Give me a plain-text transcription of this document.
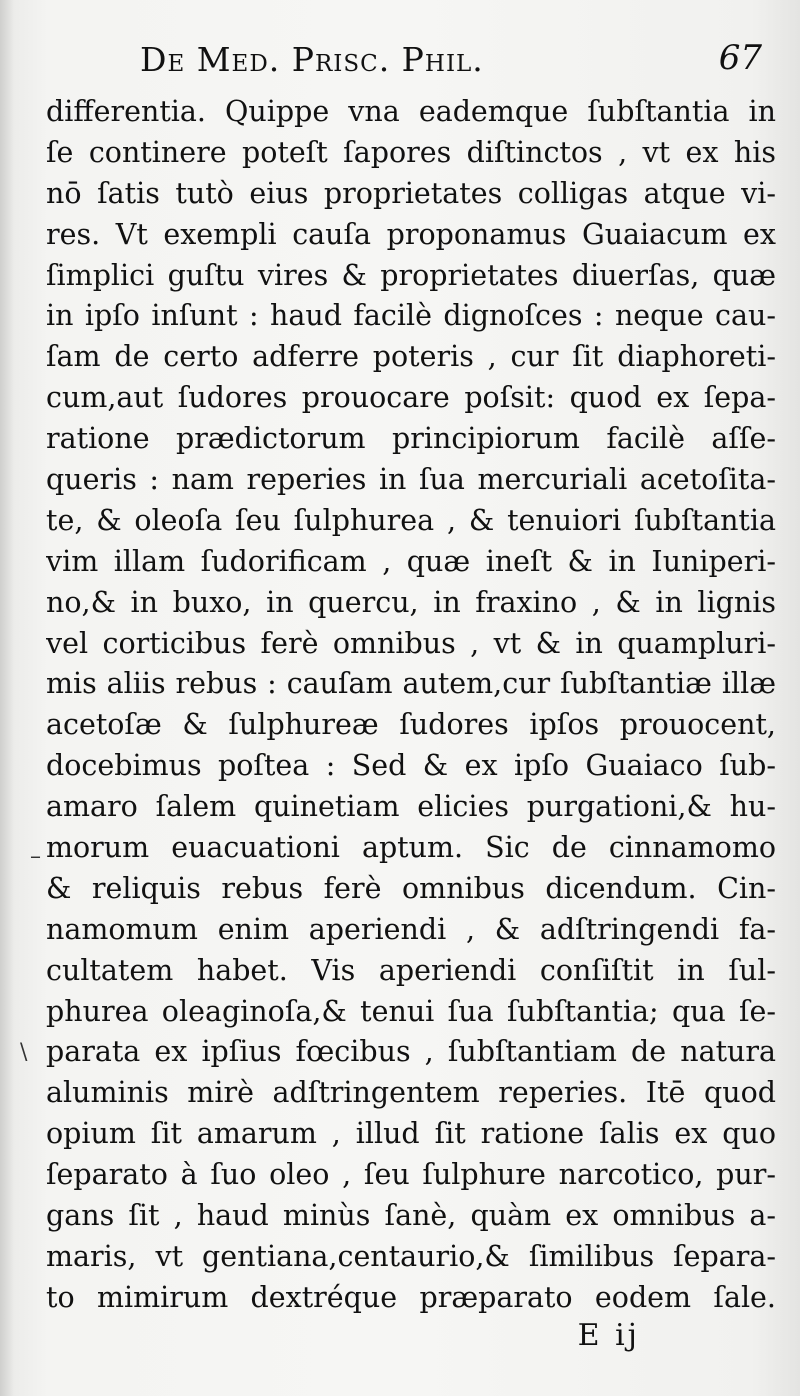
De Med. Prisc. Phil.	67
differentia. Quippe vna eademque ſubſtantia in
ſe continere poteſt ſapores diſtinctos , vt ex his
nō ſatis tutò eius proprietates colligas atque vi-
res. Vt exempli cauſa proponamus Guaiacum ex
ſimplici guſtu vires & proprietates diuerſas, quæ
in ipſo inſunt : haud facilè dignoſces : neque cau-
ſam de certo adferre poteris , cur ſit diaphoreti-
cum,aut ſudores prouocare poſsit: quod ex ſepa-
ratione prædictorum principiorum facilè aſſe-
queris : nam reperies in ſua mercuriali acetoſita-
te, & oleoſa ſeu ſulphurea , & tenuiori ſubſtantia
vim illam ſudorificam , quæ ineſt & in Iuniperi-
no,& in buxo, in quercu, in fraxino , & in lignis
vel corticibus ferè omnibus , vt & in quampluri-
mis aliis rebus : cauſam autem,cur ſubſtantiæ illæ
acetoſæ & ſulphureæ ſudores ipſos prouocent,
docebimus poſtea : Sed & ex ipſo Guaiaco ſub-
amaro ſalem quinetiam elicies purgationi,& hu-
morum euacuationi aptum. Sic de cinnamomo
& reliquis rebus ferè omnibus dicendum. Cin-
namomum enim aperiendi , & adſtringendi fa-
cultatem habet. Vis aperiendi conſiſtit in ſul-
phurea oleaginoſa,& tenui ſua ſubſtantia; qua ſe-
parata ex ipſius fœcibus , ſubſtantiam de natura
aluminis mirè adſtringentem reperies. Itē quod
opium ſit amarum , illud ſit ratione ſalis ex quo
ſeparato à ſuo oleo , ſeu ſulphure narcotico, pur-
gans ſit , haud minùs ſanè, quàm ex omnibus a-
maris, vt gentiana,centaurio,& ſimilibus ſepara-
to mimirum dextréque præparato eodem ſale.
–
\
E ij
